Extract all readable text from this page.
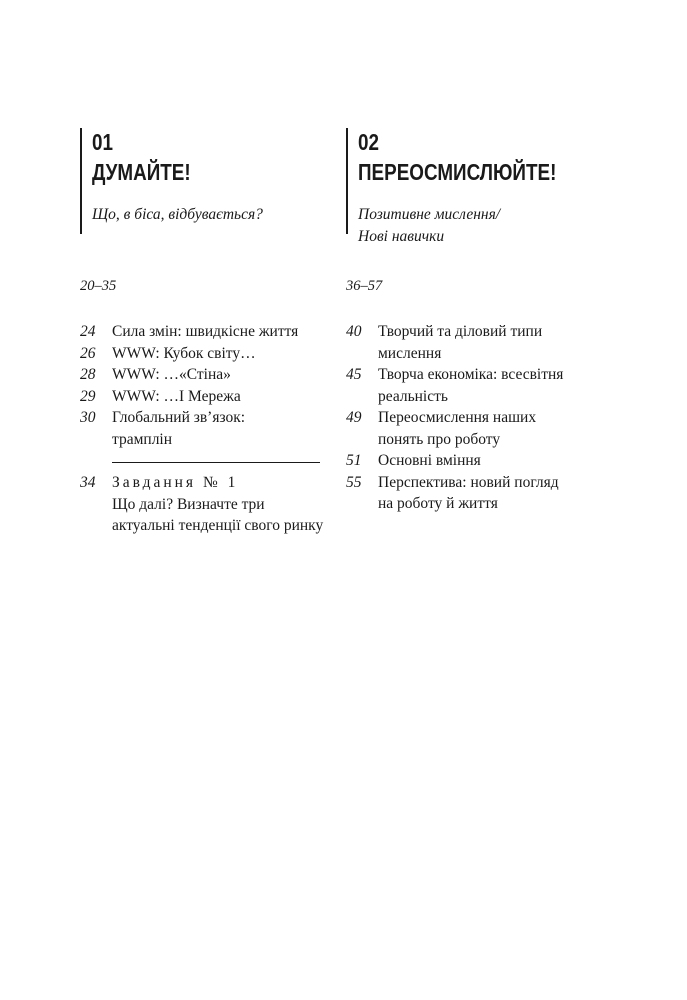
01
ДУМАЙТЕ!
Що, в біса, відбувається?
20–35
24	Сила змін: швидкісне життя
26	WWW: Кубок світу…
28	WWW: …«Стіна»
29	WWW: …І Мережа
30	Глобальний зв’язок:
трамплін
34	Завдання № 1
Що далі? Визначте три
актуальні тенденції свого ринку
02
ПЕРЕОСМИСЛЮЙТЕ!
Позитивне мислення/
Нові навички
36–57
40	Творчий та діловий типи
мислення
45	Творча економіка: всесвітня
реальність
49	Переосмислення наших
понять про роботу
51	Основні вміння
55	Перспектива: новий погляд
на роботу й життя
